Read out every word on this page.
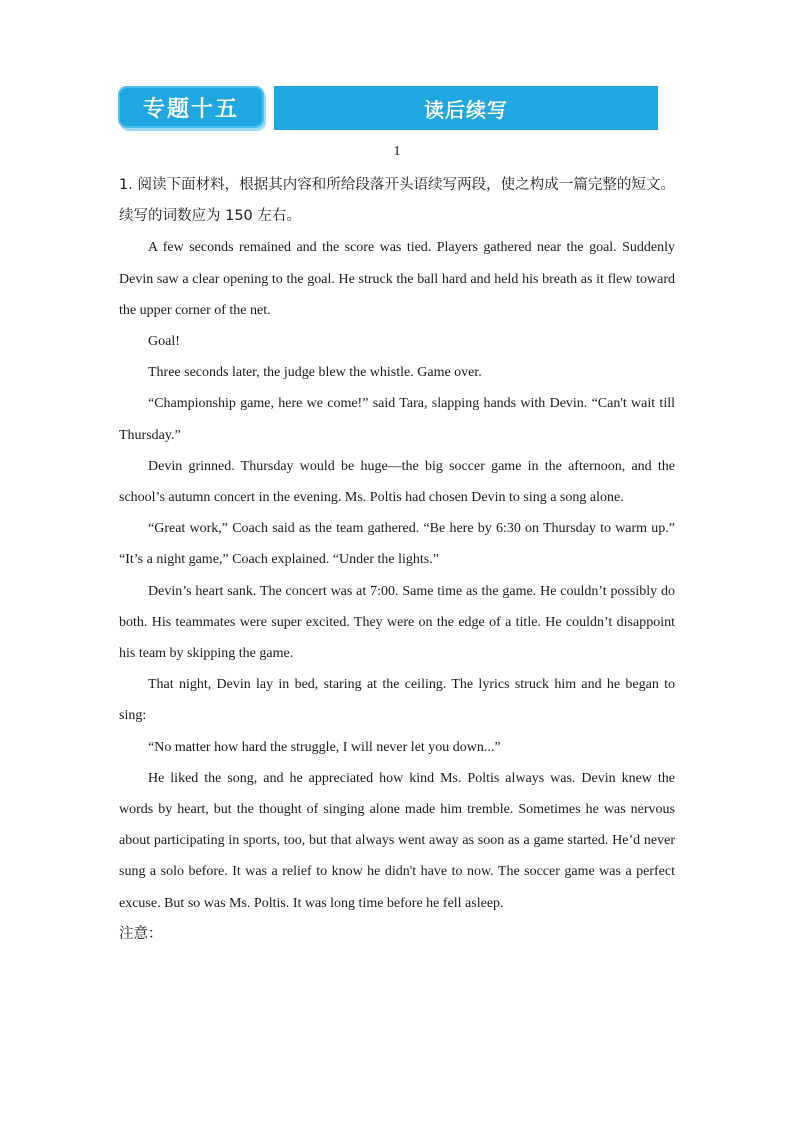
专题十五	读后续写
1
1. 阅读下面材料，根据其内容和所给段落开头语续写两段，使之构成一篇完整的短文。续写的词数应为 150 左右。

A few seconds remained and the score was tied. Players gathered near the goal. Suddenly Devin saw a clear opening to the goal. He struck the ball hard and held his breath as it flew toward the upper corner of the net.

Goal!

Three seconds later, the judge blew the whistle. Game over.

“Championship game, here we come!” said Tara, slapping hands with Devin. “Can't wait till Thursday.”

Devin grinned. Thursday would be huge—the big soccer game in the afternoon, and the school’s autumn concert in the evening. Ms. Poltis had chosen Devin to sing a song alone.

“Great work,” Coach said as the team gathered. “Be here by 6:30 on Thursday to warm up.” “It’s a night game,” Coach explained. “Under the lights.”

Devin’s heart sank. The concert was at 7:00. Same time as the game. He couldn’t possibly do both. His teammates were super excited. They were on the edge of a title. He couldn’t disappoint his team by skipping the game.

That night, Devin lay in bed, staring at the ceiling. The lyrics struck him and he began to sing:

“No matter how hard the struggle, I will never let you down...”

He liked the song, and he appreciated how kind Ms. Poltis always was. Devin knew the words by heart, but the thought of singing alone made him tremble. Sometimes he was nervous about participating in sports, too, but that always went away as soon as a game started. He’d never sung a solo before. It was a relief to know he didn't have to now. The soccer game was a perfect excuse. But so was Ms. Poltis. It was long time before he fell asleep.

注意：
